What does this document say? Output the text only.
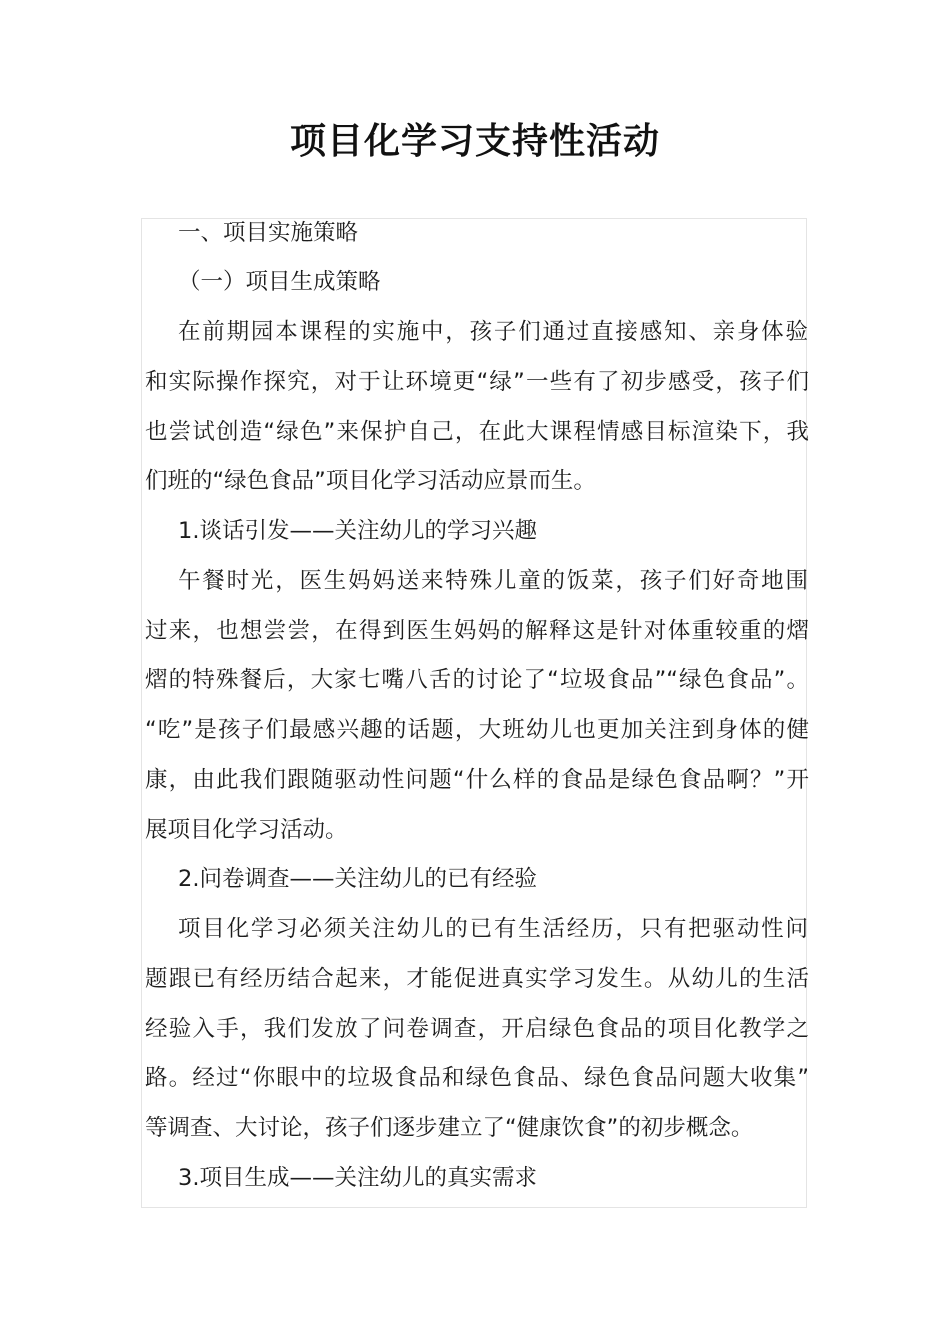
项目化学习支持性活动
一、项目实施策略
（一）项目生成策略
在前期园本课程的实施中，孩子们通过直接感知、亲身体验
和实际操作探究，对于让环境更“绿”一些有了初步感受，孩子们
也尝试创造“绿色”来保护自己，在此大课程情感目标渲染下，我
们班的“绿色食品”项目化学习活动应景而生。
1.谈话引发——关注幼儿的学习兴趣
午餐时光，医生妈妈送来特殊儿童的饭菜，孩子们好奇地围
过来，也想尝尝，在得到医生妈妈的解释这是针对体重较重的熠
熠的特殊餐后，大家七嘴八舌的讨论了“垃圾食品”“绿色食品”。
“吃”是孩子们最感兴趣的话题，大班幼儿也更加关注到身体的健
康，由此我们跟随驱动性问题“什么样的食品是绿色食品啊？”开
展项目化学习活动。
2.问卷调查——关注幼儿的已有经验
项目化学习必须关注幼儿的已有生活经历，只有把驱动性问
题跟已有经历结合起来，才能促进真实学习发生。从幼儿的生活
经验入手，我们发放了问卷调查，开启绿色食品的项目化教学之
路。经过“你眼中的垃圾食品和绿色食品、绿色食品问题大收集”
等调查、大讨论，孩子们逐步建立了“健康饮食”的初步概念。
3.项目生成——关注幼儿的真实需求
